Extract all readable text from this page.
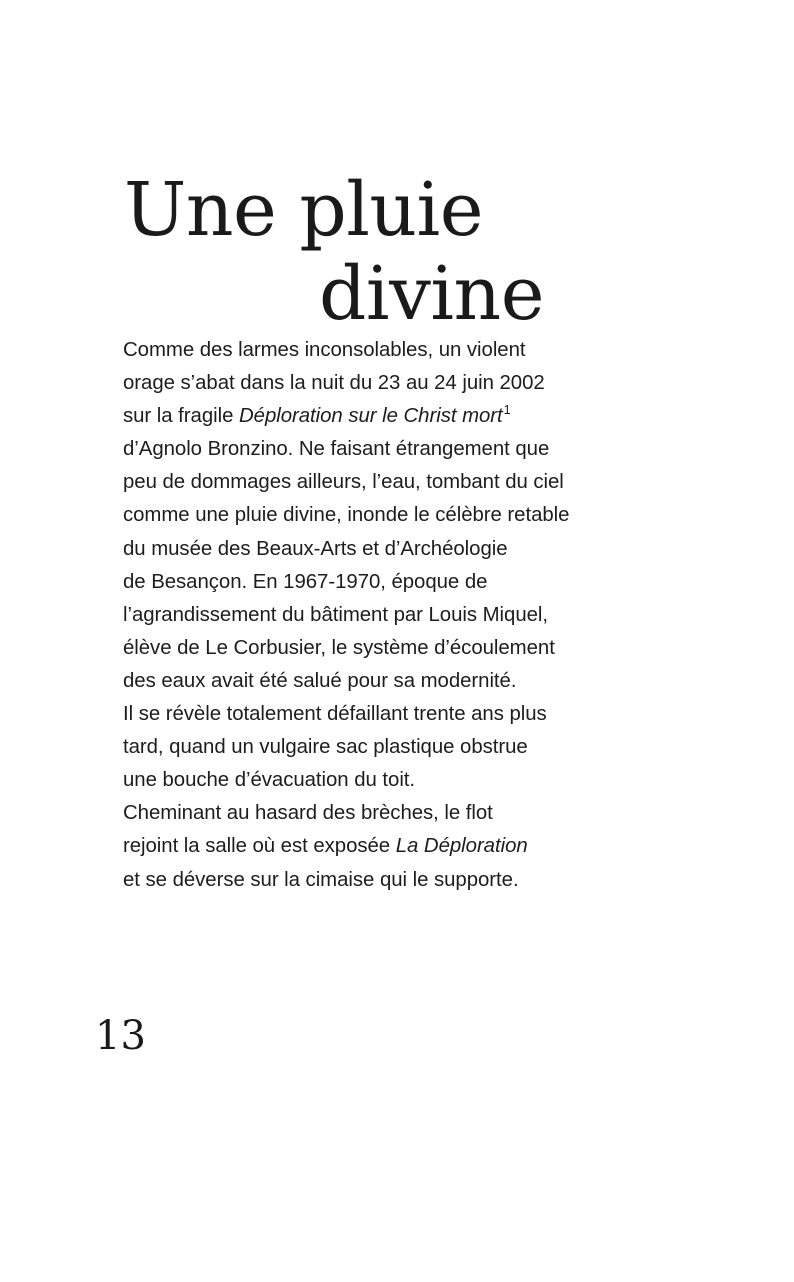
Une pluie
divine

Comme des larmes inconsolables, un violent
orage s’abat dans la nuit du 23 au 24 juin 2002
sur la fragile Déploration sur le Christ mort$^1$
d’Agnolo Bronzino. Ne faisant étrangement que
peu de dommages ailleurs, l’eau, tombant du ciel
comme une pluie divine, inonde le célèbre retable
du musée des Beaux-Arts et d’Archéologie
de Besançon. En 1967-1970, époque de
l’agrandissement du bâtiment par Louis Miquel,
élève de Le Corbusier, le système d’écoulement
des eaux avait été salué pour sa modernité.
Il se révèle totalement défaillant trente ans plus
tard, quand un vulgaire sac plastique obstrue
une bouche d’évacuation du toit.
Cheminant au hasard des brèches, le flot
rejoint la salle où est exposée La Déploration
et se déverse sur la cimaise qui le supporte.

13
